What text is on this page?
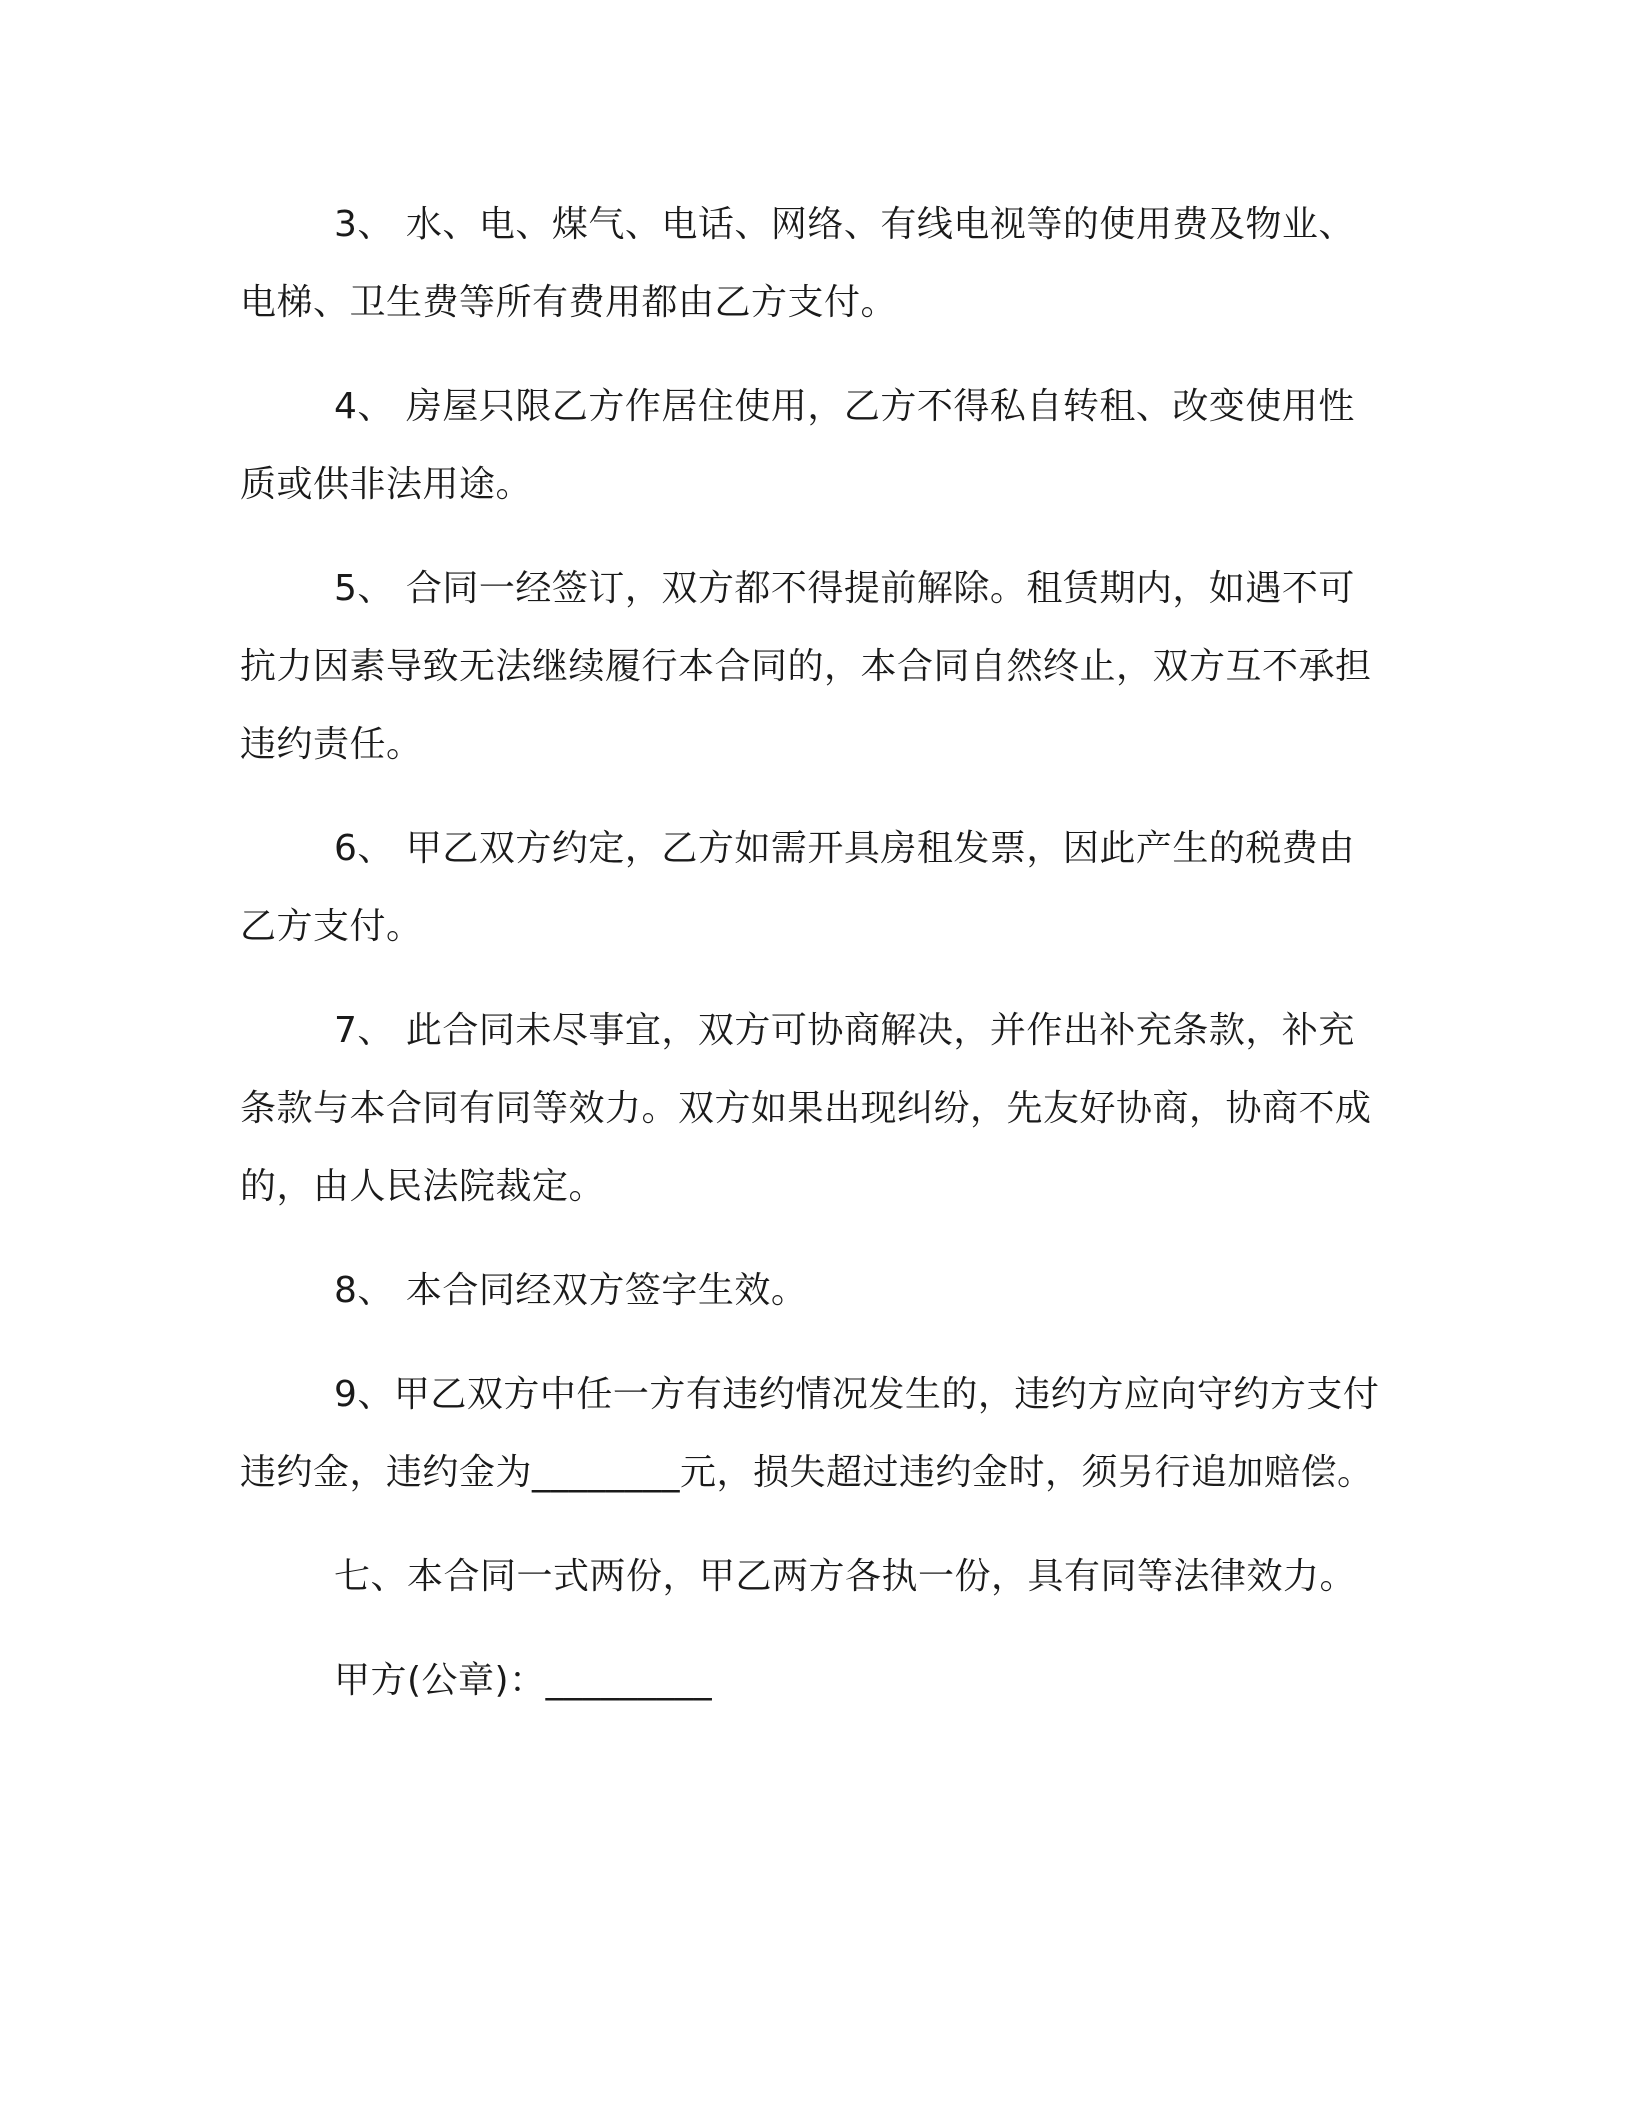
3、 水、电、煤气、电话、网络、有线电视等的使用费及物业、电梯、卫生费等所有费用都由乙方支付。

4、 房屋只限乙方作居住使用，乙方不得私自转租、改变使用性质或供非法用途。

5、 合同一经签订，双方都不得提前解除。租赁期内，如遇不可抗力因素导致无法继续履行本合同的，本合同自然终止，双方互不承担违约责任。

6、 甲乙双方约定，乙方如需开具房租发票，因此产生的税费由乙方支付。

7、 此合同未尽事宜，双方可协商解决，并作出补充条款，补充条款与本合同有同等效力。双方如果出现纠纷，先友好协商，协商不成的，由人民法院裁定。

8、 本合同经双方签字生效。

9、甲乙双方中任一方有违约情况发生的，违约方应向守约方支付违约金，违约金为________元，损失超过违约金时，须另行追加赔偿。

七、本合同一式两份，甲乙两方各执一份，具有同等法律效力。

甲方(公章)：_________
